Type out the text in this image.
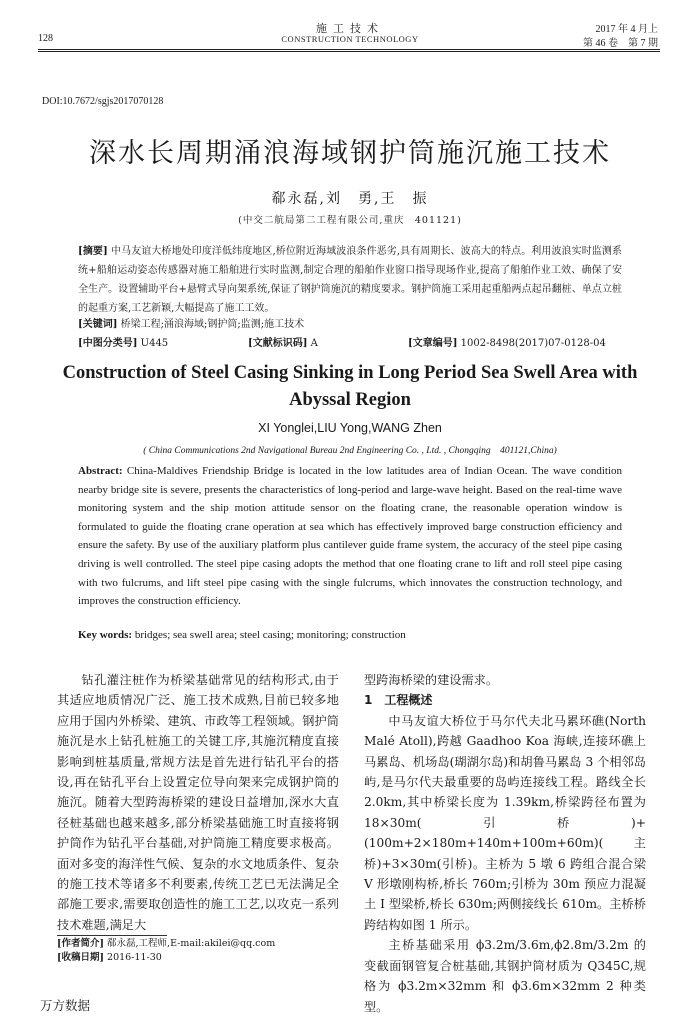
施工技术
CONSTRUCTION TECHNOLOGY
128
2017 年 4 月上
第 46 卷　第 7 期
DOI:10.7672/sgjs2017070128
深水长周期涌浪海域钢护筒施沉施工技术
郗永磊,刘　勇,王　振
(中交二航局第二工程有限公司,重庆　401121)
[摘要] 中马友谊大桥地处印度洋低纬度地区,桥位附近海域波浪条件恶劣,具有周期长、波高大的特点。利用波浪实时监测系统+船舶运动姿态传感器对施工船舶进行实时监测,制定合理的船舶作业窗口指导现场作业,提高了船舶作业工效、确保了安全生产。设置辅助平台+悬臂式导向架系统,保证了钢护筒施沉的精度要求。钢护筒施工采用起重船两点起吊翻桩、单点立桩的起重方案,工艺新颖,大幅提高了施工工效。
[关键词] 桥梁工程;涌浪海域;钢护筒;监测;施工技术
[中图分类号] U445	[文献标识码] A	[文章编号] 1002-8498(2017)07-0128-04
Construction of Steel Casing Sinking in Long Period Sea Swell Area with Abyssal Region
XI Yonglei,LIU Yong,WANG Zhen
( China Communications 2nd Navigational Bureau 2nd Engineering Co. , Ltd. , Chongqing　401121,China)
Abstract: China-Maldives Friendship Bridge is located in the low latitudes area of Indian Ocean. The wave condition nearby bridge site is severe, presents the characteristics of long-period and large-wave height. Based on the real-time wave monitoring system and the ship motion attitude sensor on the floating crane, the reasonable operation window is formulated to guide the floating crane operation at sea which has effectively improved barge construction efficiency and ensure the safety. By use of the auxiliary platform plus cantilever guide frame system, the accuracy of the steel pipe casing driving is well controlled. The steel pipe casing adopts the method that one floating crane to lift and roll steel pipe casing with two fulcrums, and lift steel pipe casing with the single fulcrums, which innovates the construction technology, and improves the construction efficiency.
Key words: bridges; sea swell area; steel casing; monitoring; construction

钻孔灌注桩作为桥梁基础常见的结构形式,由于其适应地质情况广泛、施工技术成熟,目前已较多地应用于国内外桥梁、建筑、市政等工程领域。钢护筒施沉是水上钻孔桩施工的关键工序,其施沉精度直接影响到桩基质量,常规方法是首先进行钻孔平台的搭设,再在钻孔平台上设置定位导向架来完成钢护筒的施沉。随着大型跨海桥梁的建设日益增加,深水大直径桩基础也越来越多,部分桥梁基础施工时直接将钢护筒作为钻孔平台基础,对护筒施工精度要求极高。面对多变的海洋性气候、复杂的水文地质条件、复杂的施工技术等诸多不利要素,传统工艺已无法满足全部施工要求,需要取创造性的施工工艺,以攻克一系列技术难题,满足大

型跨海桥梁的建设需求。

1　工程概述

中马友谊大桥位于马尔代夫北马累环礁(North Malé Atoll),跨越 Gaadhoo Koa 海峡,连接环礁上马累岛、机场岛(瑚湖尔岛)和胡鲁马累岛 3 个相邻岛屿,是马尔代夫最重要的岛屿连接线工程。路线全长 2.0km,其中桥梁长度为 1.39km,桥梁跨径布置为 18×30m(引桥)+(100m+2×180m+140m+100m+60m)(主桥)+3×30m(引桥)。主桥为 5 墩 6 跨组合混合梁 V 形墩刚构桥,桥长 760m;引桥为 30m 预应力混凝土 I 型梁桥,桥长 630m;两侧接线长 610m。主桥桥跨结构如图 1 所示。

主桥基础采用 ϕ3.2m/3.6m,ϕ2.8m/3.2m 的变截面钢管复合桩基础,其钢护筒材质为 Q345C,规格为 ϕ3.2m×32mm 和 ϕ3.6m×32mm 2 种类型。

[作者简介] 郗永磊,工程师,E-mail:akilei@qq.com
[收稿日期] 2016-11-30
万方数据
